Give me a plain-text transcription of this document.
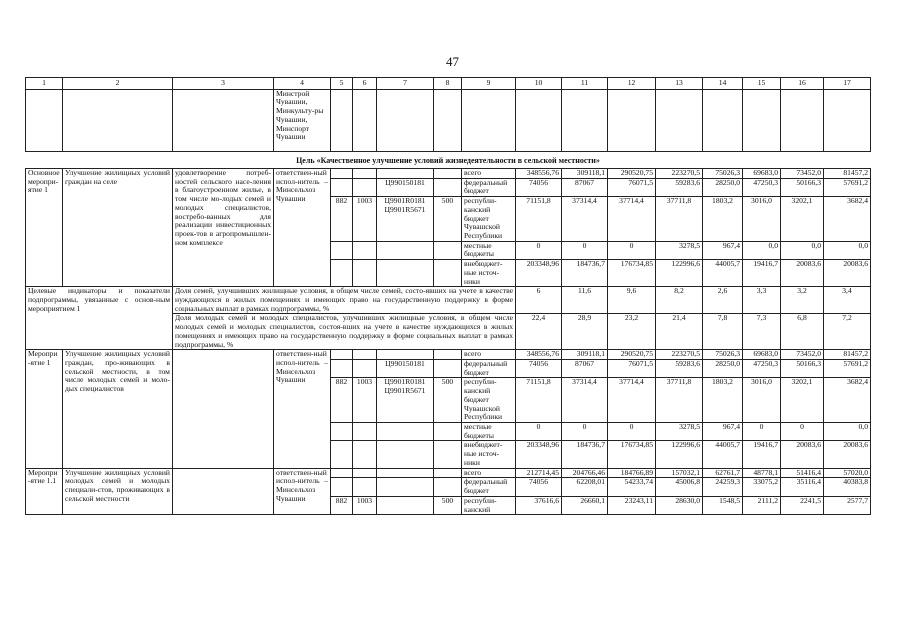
47
1	2	3	4	5	6	7	8	9	10	11	12	13	14	15	16	17
			Минстрой Чувашии, Минкульту-ры Чувашии, Минспорт Чувашии													
Цель «Качественное улучшение условий жизнедеятельности в сельской местности»																
Основное меропри-ятие 1	Улучшение жилищных условий граждан на селе	удовлетворение потреб-ностей сельского насе-ления в благоустроенном жилье, в том числе мо-лодых семей и молодых специалистов, востребо-ванных для реализации инвестиционных проек-тов в агропромышлен-ном комплексе	ответствен-ный испол-нитель – Минсельхоз Чувашии					всего	348556,76	309118,1	290520,75	223270,5	75026,3	69683,0	73452,0	81457,2
						Ц990150181		федеральный бюджет	74056	87067	76071,5	59283,6	28250,0	47250,3	50166,3	57691,2
				882	1003	Ц9901R0181 Ц9901R5671	500	республи-канский бюджет Чувашской Республики	71151,8	37314,4	37714,4	37711,8	1803,2	3016,0	3202,1	3682,4
								местные бюджеты	0	0	0	3278,5	967,4	0,0	0,0	0,0
								внебюджет-ные источ-ники	203348,96	184736,7	176734,85	122996,6	44005,7	19416,7	20083,6	20083,6
Целевые индикаторы и показатели подпрограммы, увязанные с основ-ным мероприятием 1		Доля семей, улучшивших жилищные условия, в общем числе семей, состо-явших на учете в качестве нуждающихся в жилых помещениях и имеющих право на государственную поддержку в форме социальных выплат в рамках подпрограммы, %							6	11,6	9,6	8,2	2,6	3,3	3,2	3,4
		Доля молодых семей и молодых специалистов, улучшивших жилищные условия, в общем числе молодых семей и молодых специалистов, состоя-вших на учете в качестве нуждающихся в жилых помещениях и имеющих право на государственную поддержку в форме социальных выплат в рамках подпрограммы, %							22,4	28,9	23,2	21,4	7,8	7,3	6,8	7,2
Меропри-ятие 1	Улучшение жилищных условий граждан, про-живающих в сельской местности, в том числе молодых семей и моло-дых специалистов		ответствен-ный испол-нитель – Минсельхоз Чувашии					всего	348556,76	309118,1	290520,75	223270,5	75026,3	69683,0	73452,0	81457,2
						Ц990150181		федеральный бюджет	74056	87067	76071,5	59283,6	28250,0	47250,3	50166,3	57691,2
				882	1003	Ц9901R0181 Ц9901R5671	500	республи-канский бюджет Чувашской Республики	71151,8	37314,4	37714,4	37711,8	1803,2	3016,0	3202,1	3682,4
								местные бюджеты	0	0	0	3278,5	967,4	0	0	0,0
								внебюджет-ные источ-ники	203348,96	184736,7	176734,85	122996,6	44005,7	19416,7	20083,6	20083,6
Меропри-ятие 1.1	Улучшение жилищных условий молодых семей и молодых специали-стов, проживающих в сельской местности		ответствен-ный испол-нитель – Минсельхоз Чувашии					всего	212714,45	204766,46	184766,89	157032,1	62761,7	48778,1	51416,4	57020,0
								федеральный бюджет	74056	62208,01	54233,74	45006,8	24259,3	33075,2	35116,4	40383,8
				882	1003		500	республи-канский	37616,6	26660,1	23243,11	28630,0	1548,5	2111,2	2241,5	2577,7
